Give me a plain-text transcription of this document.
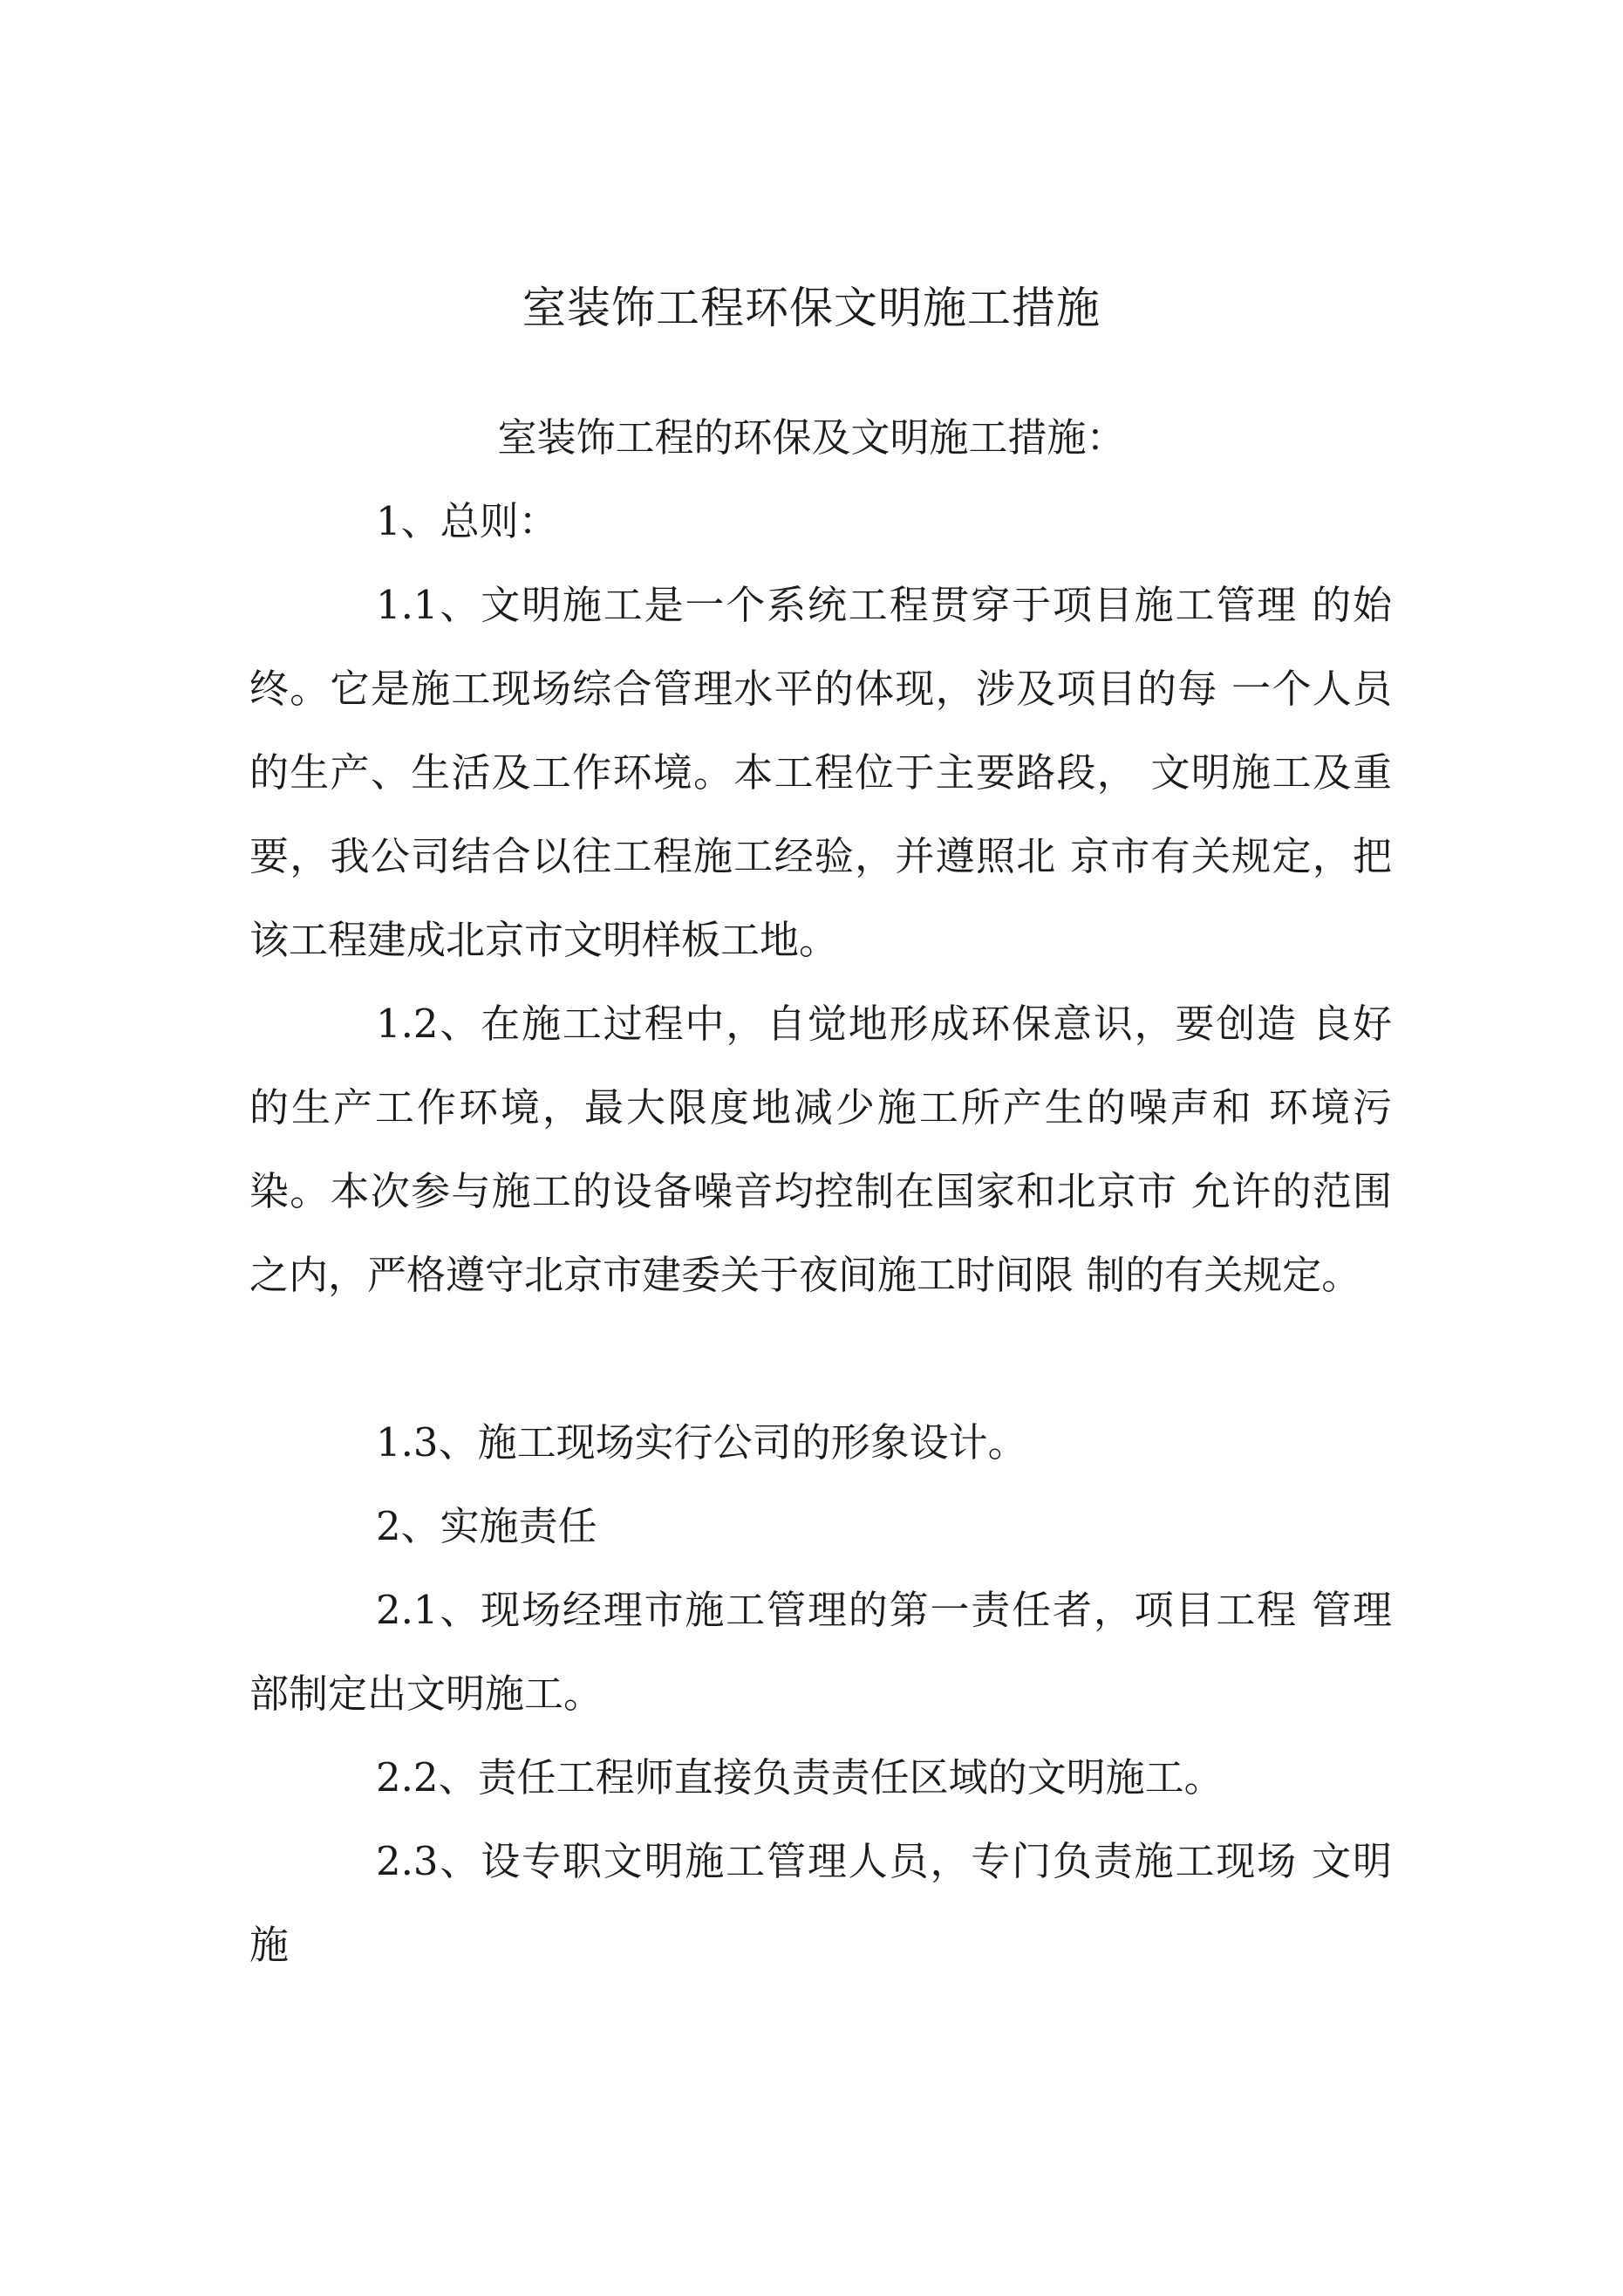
室装饰工程环保文明施工措施

室装饰工程的环保及文明施工措施：

1、总则：

1.1、文明施工是一个系统工程贯穿于项目施工管理 的始终。它是施工现场综合管理水平的体现，涉及项目的每 一个人员的生产、生活及工作环境。本工程位于主要路段， 文明施工及重要，我公司结合以往工程施工经验，并遵照北 京市有关规定，把该工程建成北京市文明样板工地。

1.2、在施工过程中，自觉地形成环保意识，要创造 良好的生产工作环境，最大限度地减少施工所产生的噪声和 环境污染。本次参与施工的设备噪音均控制在国家和北京市 允许的范围之内，严格遵守北京市建委关于夜间施工时间限 制的有关规定。

1.3、施工现场实行公司的形象设计。

2、实施责任

2.1、现场经理市施工管理的第一责任者，项目工程 管理部制定出文明施工。

2.2、责任工程师直接负责责任区域的文明施工。

2.3、设专职文明施工管理人员，专门负责施工现场 文明施
